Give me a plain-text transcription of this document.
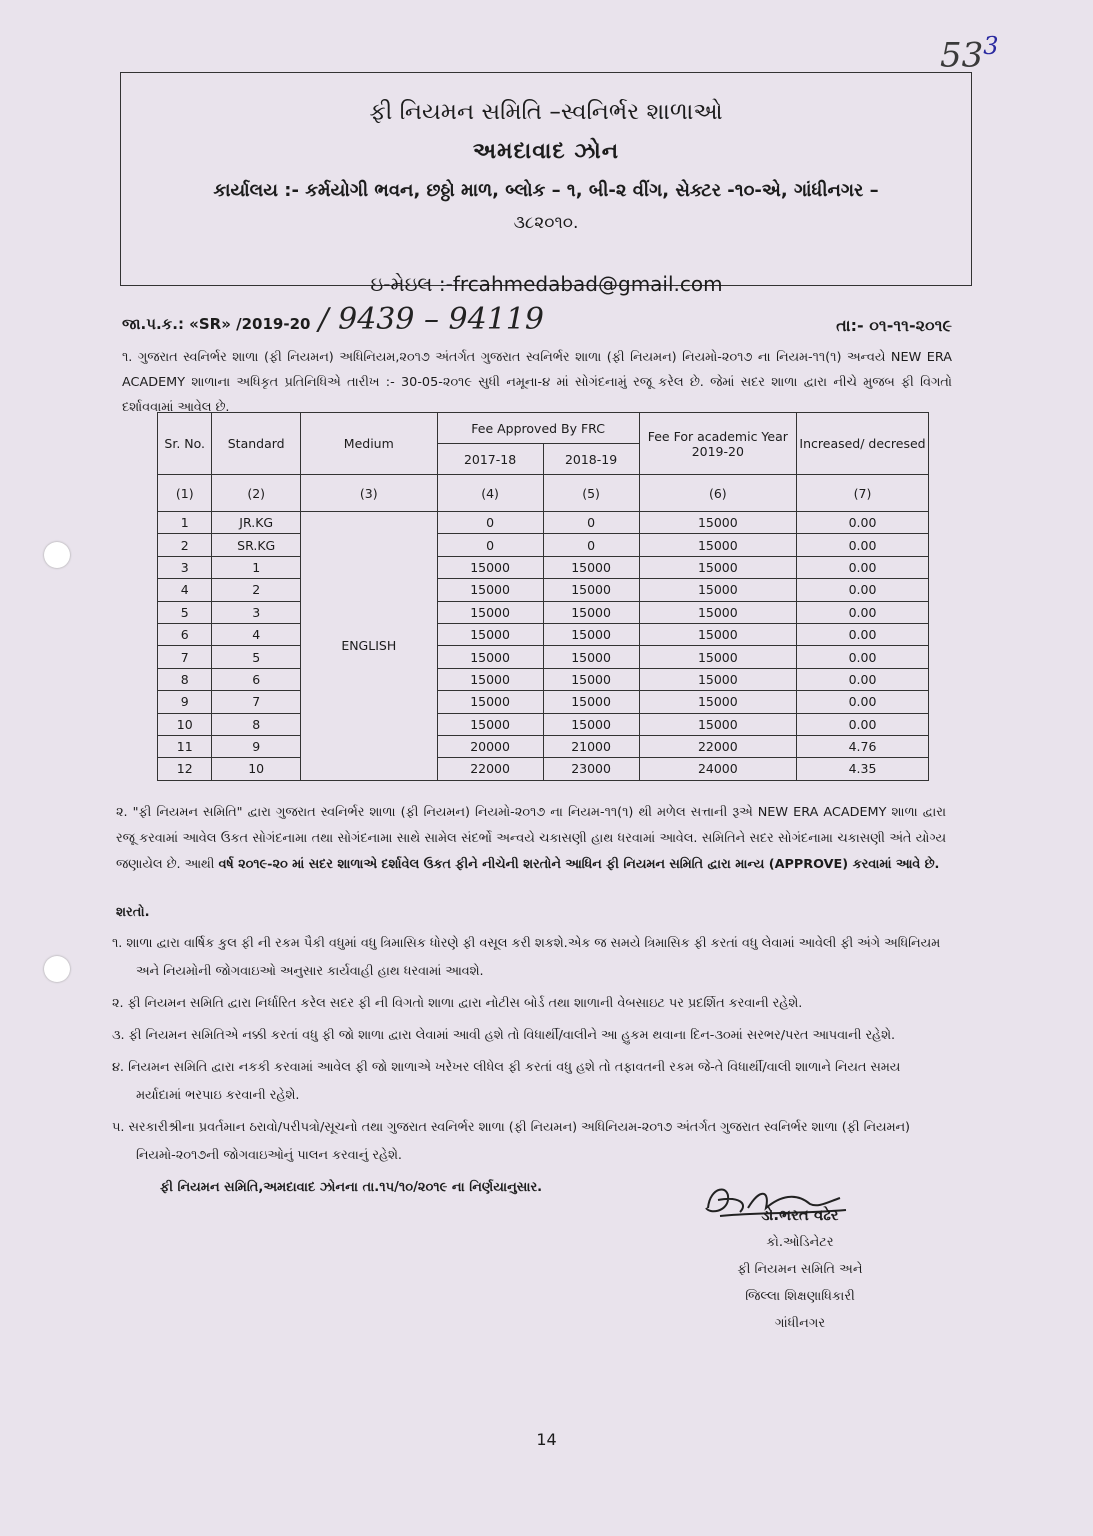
$53^3$
ફી નિયમન સમિતિ –સ્વનિર્ભર શાળાઓ
અમદાવાદ ઝોન
કાર્યાલય :- કર્મયોગી ભવન, છઠ્ઠો માળ, બ્લોક – ૧, બી-૨ વીંગ, સેક્ટર -૧૦-એ, ગાંધીનગર –
૩૮૨૦૧૦.
ઇ-મેઇલ :-frcahmedabad@gmail.com
જા.પ.ક.: «SR» /2019-20 / 9439 – 94119	તા:- ૦૧-૧૧-૨૦૧૯
૧. ગુજરાત સ્વનિર્ભર શાળા (ફી નિયમન) અધિનિયમ,૨૦૧૭ અંતર્ગત ગુજરાત સ્વનિર્ભર શાળા (ફી નિયમન) નિયમો-૨૦૧૭ ના નિયમ-૧૧(૧) અન્વયે NEW ERA ACADEMY શાળાના અધિકૃત પ્રતિનિધિએ તારીખ :- 30-05-૨૦૧૯ સુધી નમૂના-૪ માં સોગંદનામું રજૂ કરેલ છે. જેમાં સદર શાળા દ્વારા નીચે મુજબ ફી વિગતો દર્શાવવામાં આવેલ છે.
Sr. No.	Standard	Medium	Fee Approved By FRC		Fee For academic Year 2019-20	Increased/ decresed
			2017-18	2018-19		
(1)	(2)	(3)	(4)	(5)	(6)	(7)
1	JR.KG	ENGLISH	0	0	15000	0.00
2	SR.KG		0	0	15000	0.00
3	1		15000	15000	15000	0.00
4	2		15000	15000	15000	0.00
5	3		15000	15000	15000	0.00
6	4		15000	15000	15000	0.00
7	5		15000	15000	15000	0.00
8	6		15000	15000	15000	0.00
9	7		15000	15000	15000	0.00
10	8		15000	15000	15000	0.00
11	9		20000	21000	22000	4.76
12	10		22000	23000	24000	4.35
૨. "ફી નિયમન સમિતિ" દ્વારા ગુજરાત સ્વનિર્ભર શાળા (ફી નિયમન) નિયમો-૨૦૧૭ ના નિયમ-૧૧(૧) થી મળેલ સત્તાની રૂએ NEW ERA ACADEMY શાળા દ્વારા રજૂ કરવામાં આવેલ ઉકત સોગંદનામા તથા સોગંદનામા સાથે સામેલ સંદર્ભો અન્વયે ચકાસણી હાથ ધરવામાં આવેલ. સમિતિને સદર સોગંદનામા ચકાસણી અંતે યોગ્ય જણાયેલ છે. આથી વર્ષ ૨૦૧૯-૨૦ માં સદર શાળાએ દર્શાવેલ ઉકત ફીને નીચેની શરતોને આધિન ફી નિયમન સમિતિ દ્વારા માન્ય (APPROVE) કરવામાં આવે છે.
શરતો.
૧. શાળા દ્વારા વાર્ષિક કુલ ફી ની રકમ પૈકી વધુમાં વધુ ત્રિમાસિક ધોરણે ફી વસૂલ કરી શકશે.એક જ સમયે ત્રિમાસિક ફી કરતાં વધુ લેવામાં આવેલી ફી અંગે અધિનિયમ અને નિયમોની જોગવાઇઓ અનુસાર કાર્યવાહી હાથ ધરવામાં આવશે.
૨. ફી નિયમન સમિતિ દ્વારા નિર્ધારિત કરેલ સદર ફી ની વિગતો શાળા દ્વારા નોટીસ બોર્ડ તથા શાળાની વેબસાઇટ પર પ્રદર્શિત કરવાની રહેશે.
૩. ફી નિયમન સમિતિએ નક્કી કરતાં વધુ ફી જો શાળા દ્વારા લેવામાં આવી હશે તો વિધાર્થી/વાલીને આ હુકમ થવાના દિન-૩૦માં સરભર/પરત આપવાની રહેશે.
૪. નિયમન સમિતિ દ્વારા નકકી કરવામાં આવેલ ફી જો શાળાએ ખરેખર લીધેલ ફી કરતાં વધુ હશે તો તફાવતની રકમ જે-તે વિધાર્થી/વાલી શાળાને નિયત સમય મર્યાદામાં ભરપાઇ કરવાની રહેશે.
૫. સરકારીશ્રીના પ્રવર્તમાન ઠરાવો/પરીપત્રો/સૂચનો તથા ગુજરાત સ્વનિર્ભર શાળા (ફી નિયમન) અધિનિયમ-૨૦૧૭ અંતર્ગત ગુજરાત સ્વનિર્ભર શાળા (ફી નિયમન) નિયમો-૨૦૧૭ની જોગવાઇઓનું પાલન કરવાનું રહેશે.
ફી નિયમન સમિતિ,અમદાવાદ ઝોનના તા.૧૫/૧૦/૨૦૧૯ ના નિર્ણયાનુસાર.
ડો.ભરત વઢેર
કો.ઓડિનેટર
ફી નિયમન સમિતિ અને
જિલ્લા શિક્ષણાધિકારી
ગાંધીનગર
14
